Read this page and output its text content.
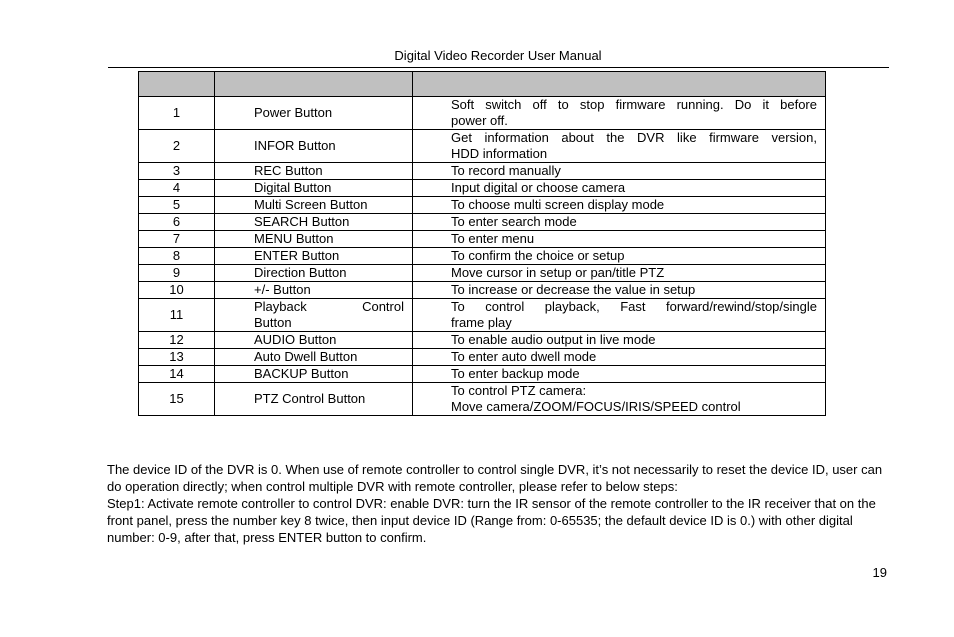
Digital Video Recorder User Manual

1	Power Button	Soft switch off to stop firmware running. Do it before
power off.

2	INFOR Button	Get information about the DVR like firmware version,
HDD information

3	REC Button	To record manually

4	Digital Button	Input digital or choose camera

5	Multi Screen Button	To choose multi screen display mode

6	SEARCH Button	To enter search mode

7	MENU Button	To enter menu

8	ENTER Button	To confirm the choice or setup

9	Direction Button	Move cursor in setup or pan/title PTZ

10	+/- Button	To increase or decrease the value in setup

11	Playback Control
Button	To control playback, Fast forward/rewind/stop/single
frame play

12	AUDIO Button	To enable audio output in live mode

13	Auto Dwell Button	To enter auto dwell mode

14	BACKUP Button	To enter backup mode

15	PTZ Control Button	To control PTZ camera:
Move camera/ZOOM/FOCUS/IRIS/SPEED control

The device ID of the DVR is 0. When use of remote controller to control single DVR, it’s not necessarily to reset the device ID, user can do operation directly; when control multiple DVR with remote controller, please refer to below steps:

Step1: Activate remote controller to control DVR: enable DVR: turn the IR sensor of the remote controller to the IR receiver that on the front panel, press the number key 8 twice, then input device ID (Range from: 0-65535; the default device ID is 0.) with other digital number: 0-9, after that, press ENTER button to confirm.

19
